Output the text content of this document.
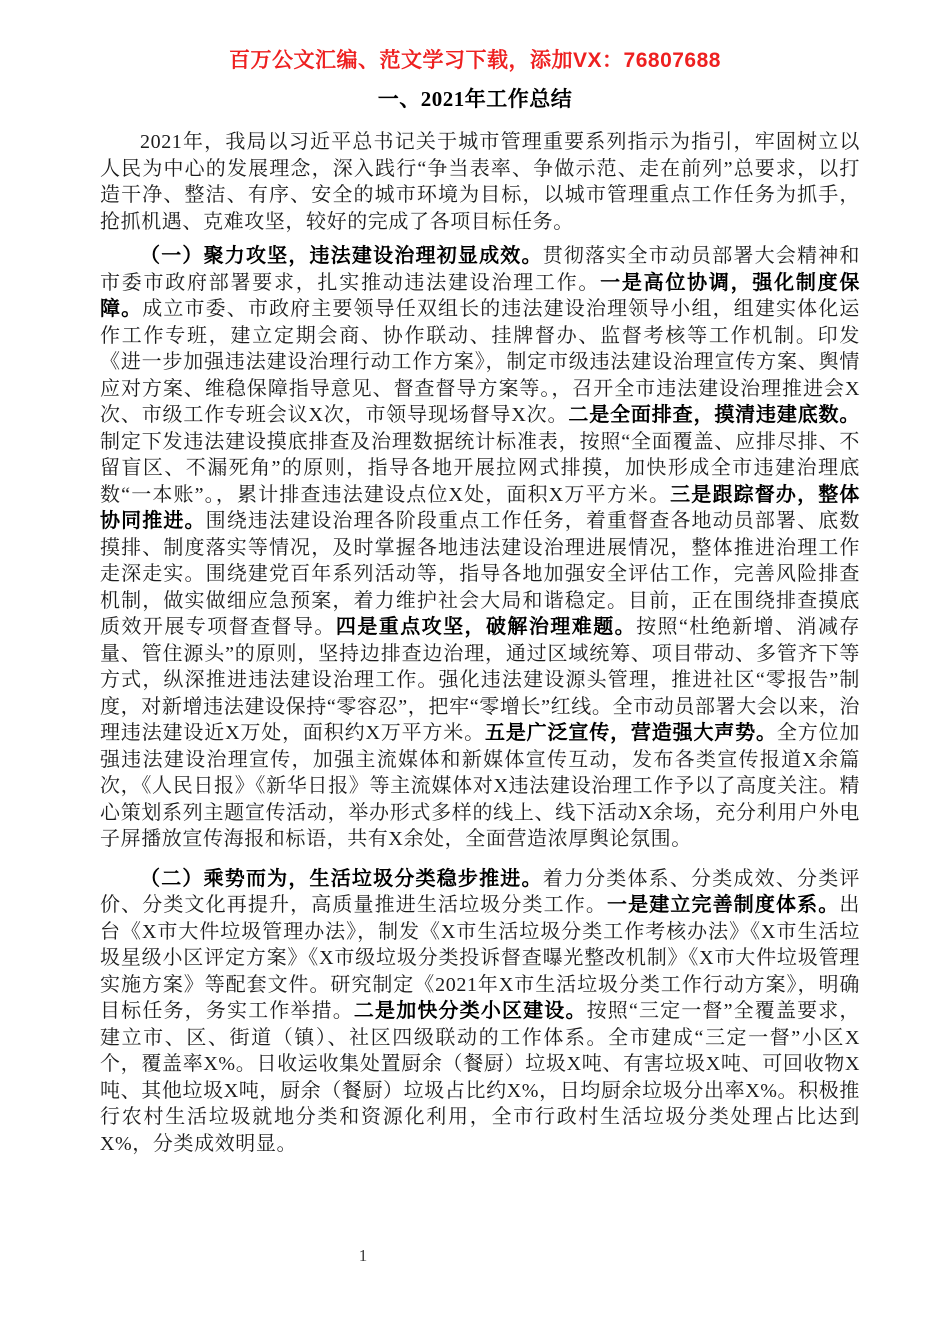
百万公文汇编、范文学习下载，添加VX：76807688
一、2021年工作总结

2021年，我局以习近平总书记关于城市管理重要系列指示为指引，牢固树立以人民为中心的发展理念，深入践行“争当表率、争做示范、走在前列”总要求，以打造干净、整洁、有序、安全的城市环境为目标，以城市管理重点工作任务为抓手，抢抓机遇、克难攻坚，较好的完成了各项目标任务。

（一）聚力攻坚，违法建设治理初显成效。贯彻落实全市动员部署大会精神和市委市政府部署要求，扎实推动违法建设治理工作。一是高位协调，强化制度保障。成立市委、市政府主要领导任双组长的违法建设治理领导小组，组建实体化运作工作专班，建立定期会商、协作联动、挂牌督办、监督考核等工作机制。印发《进一步加强违法建设治理行动工作方案》，制定市级违法建设治理宣传方案、舆情应对方案、维稳保障指导意见、督查督导方案等。，召开全市违法建设治理推进会X次、市级工作专班会议X次，市领导现场督导X次。二是全面排查，摸清违建底数。制定下发违法建设摸底排查及治理数据统计标准表，按照“全面覆盖、应排尽排、不留盲区、不漏死角”的原则，指导各地开展拉网式排摸，加快形成全市违建治理底数“一本账”。，累计排查违法建设点位X处，面积X万平方米。三是跟踪督办，整体协同推进。围绕违法建设治理各阶段重点工作任务，着重督查各地动员部署、底数摸排、制度落实等情况，及时掌握各地违法建设治理进展情况，整体推进治理工作走深走实。围绕建党百年系列活动等，指导各地加强安全评估工作，完善风险排查机制，做实做细应急预案，着力维护社会大局和谐稳定。目前，正在围绕排查摸底质效开展专项督查督导。四是重点攻坚，破解治理难题。按照“杜绝新增、消减存量、管住源头”的原则，坚持边排查边治理，通过区域统筹、项目带动、多管齐下等方式，纵深推进违法建设治理工作。强化违法建设源头管理，推进社区“零报告”制度，对新增违法建设保持“零容忍”，把牢“零增长”红线。全市动员部署大会以来，治理违法建设近X万处，面积约X万平方米。五是广泛宣传，营造强大声势。全方位加强违法建设治理宣传，加强主流媒体和新媒体宣传互动，发布各类宣传报道X余篇次，《人民日报》《新华日报》等主流媒体对X违法建设治理工作予以了高度关注。精心策划系列主题宣传活动，举办形式多样的线上、线下活动X余场，充分利用户外电子屏播放宣传海报和标语，共有X余处，全面营造浓厚舆论氛围。

（二）乘势而为，生活垃圾分类稳步推进。着力分类体系、分类成效、分类评价、分类文化再提升，高质量推进生活垃圾分类工作。一是建立完善制度体系。出台《X市大件垃圾管理办法》，制发《X市生活垃圾分类工作考核办法》《X市生活垃圾星级小区评定方案》《X市级垃圾分类投诉督查曝光整改机制》《X市大件垃圾管理实施方案》等配套文件。研究制定《2021年X市生活垃圾分类工作行动方案》，明确目标任务，务实工作举措。二是加快分类小区建设。按照“三定一督”全覆盖要求，建立市、区、街道（镇）、社区四级联动的工作体系。全市建成“三定一督”小区X个，覆盖率X%。日收运收集处置厨余（餐厨）垃圾X吨、有害垃圾X吨、可回收物X吨、其他垃圾X吨，厨余（餐厨）垃圾占比约X%，日均厨余垃圾分出率X%。积极推行农村生活垃圾就地分类和资源化利用，全市行政村生活垃圾分类处理占比达到X%，分类成效明显。

1
